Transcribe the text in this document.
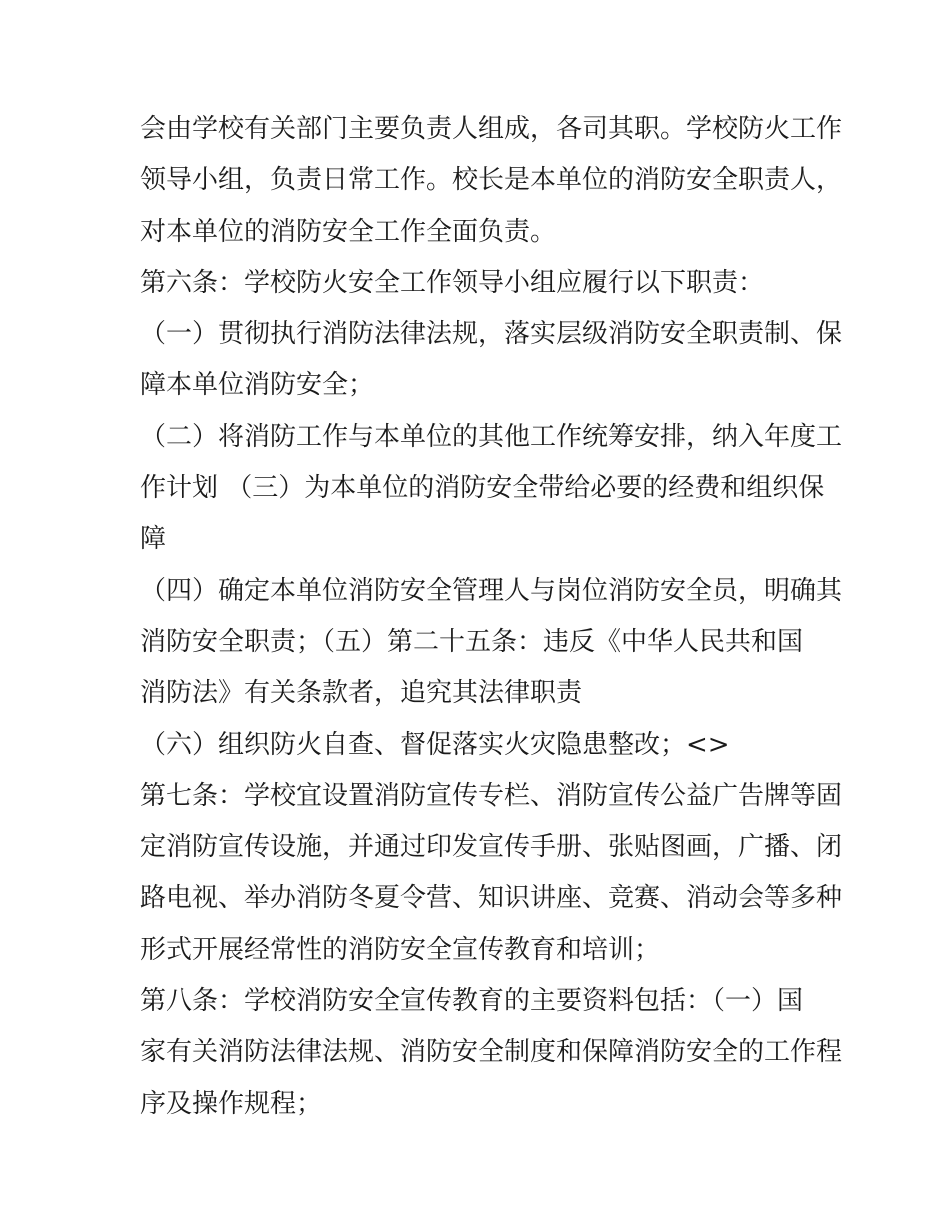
会由学校有关部门主要负责人组成，各司其职。学校防火工作
领导小组，负责日常工作。校长是本单位的消防安全职责人，
对本单位的消防安全工作全面负责。
第六条：学校防火安全工作领导小组应履行以下职责：
（一）贯彻执行消防法律法规，落实层级消防安全职责制、保
障本单位消防安全；
（二）将消防工作与本单位的其他工作统筹安排，纳入年度工
作计划 （三）为本单位的消防安全带给必要的经费和组织保
障
（四）确定本单位消防安全管理人与岗位消防安全员，明确其
消防安全职责；（五）第二十五条：违反《中华人民共和国
消防法》有关条款者，追究其法律职责
（六）组织防火自查、督促落实火灾隐患整改；<>
第七条：学校宜设置消防宣传专栏、消防宣传公益广告牌等固
定消防宣传设施，并通过印发宣传手册、张贴图画，广播、闭
路电视、举办消防冬夏令营、知识讲座、竞赛、消动会等多种
形式开展经常性的消防安全宣传教育和培训；
第八条：学校消防安全宣传教育的主要资料包括：（一）国
家有关消防法律法规、消防安全制度和保障消防安全的工作程
序及操作规程；
